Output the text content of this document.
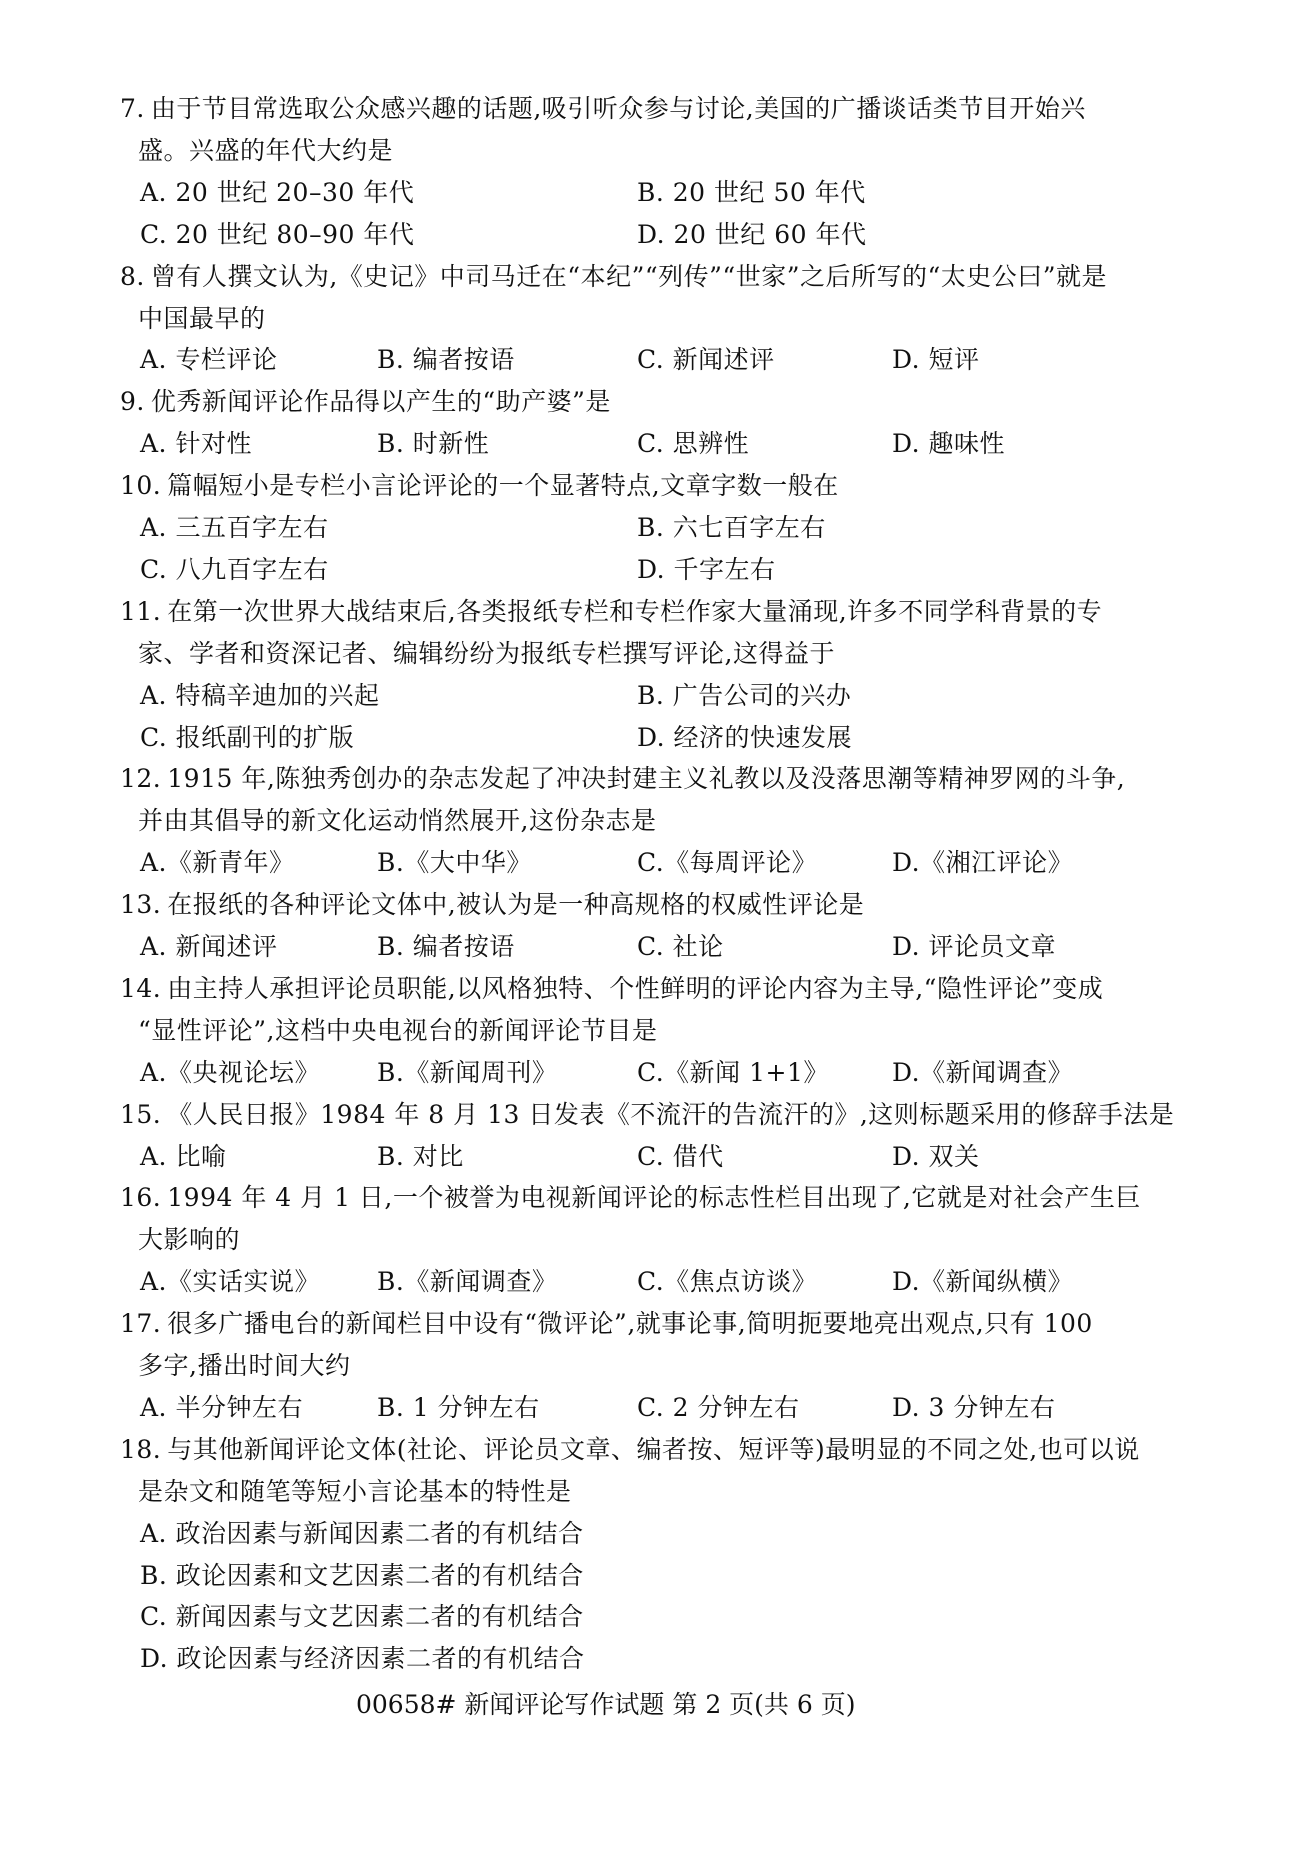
7. 由于节目常选取公众感兴趣的话题,吸引听众参与讨论,美国的广播谈话类节目开始兴
盛。兴盛的年代大约是
A. 20 世纪 20–30 年代	B. 20 世纪 50 年代
C. 20 世纪 80–90 年代	D. 20 世纪 60 年代
8. 曾有人撰文认为,《史记》中司马迁在“本纪”“列传”“世家”之后所写的“太史公曰”就是
中国最早的
A. 专栏评论	B. 编者按语	C. 新闻述评	D. 短评
9. 优秀新闻评论作品得以产生的“助产婆”是
A. 针对性	B. 时新性	C. 思辨性	D. 趣味性
10. 篇幅短小是专栏小言论评论的一个显著特点,文章字数一般在
A. 三五百字左右	B. 六七百字左右
C. 八九百字左右	D. 千字左右
11. 在第一次世界大战结束后,各类报纸专栏和专栏作家大量涌现,许多不同学科背景的专
家、学者和资深记者、编辑纷纷为报纸专栏撰写评论,这得益于
A. 特稿辛迪加的兴起	B. 广告公司的兴办
C. 报纸副刊的扩版	D. 经济的快速发展
12. 1915 年,陈独秀创办的杂志发起了冲决封建主义礼教以及没落思潮等精神罗网的斗争,
并由其倡导的新文化运动悄然展开,这份杂志是
A.《新青年》	B.《大中华》	C.《每周评论》	D.《湘江评论》
13. 在报纸的各种评论文体中,被认为是一种高规格的权威性评论是
A. 新闻述评	B. 编者按语	C. 社论	D. 评论员文章
14. 由主持人承担评论员职能,以风格独特、个性鲜明的评论内容为主导,“隐性评论”变成
“显性评论”,这档中央电视台的新闻评论节目是
A.《央视论坛》 B.《新闻周刊》	C.《新闻 1+1》	D.《新闻调查》
15. 《人民日报》1984 年 8 月 13 日发表《不流汗的告流汗的》,这则标题采用的修辞手法是
A. 比喻	B. 对比	C. 借代	D. 双关
16. 1994 年 4 月 1 日,一个被誉为电视新闻评论的标志性栏目出现了,它就是对社会产生巨
大影响的
A.《实话实说》 B.《新闻调查》	C.《焦点访谈》	D.《新闻纵横》
17. 很多广播电台的新闻栏目中设有“微评论”,就事论事,简明扼要地亮出观点,只有 100
多字,播出时间大约
A. 半分钟左右	B. 1 分钟左右	C. 2 分钟左右	D. 3 分钟左右
18. 与其他新闻评论文体(社论、评论员文章、编者按、短评等)最明显的不同之处,也可以说
是杂文和随笔等短小言论基本的特性是
A. 政治因素与新闻因素二者的有机结合
B. 政论因素和文艺因素二者的有机结合
C. 新闻因素与文艺因素二者的有机结合
D. 政论因素与经济因素二者的有机结合
00658# 新闻评论写作试题 第 2 页(共 6 页)
